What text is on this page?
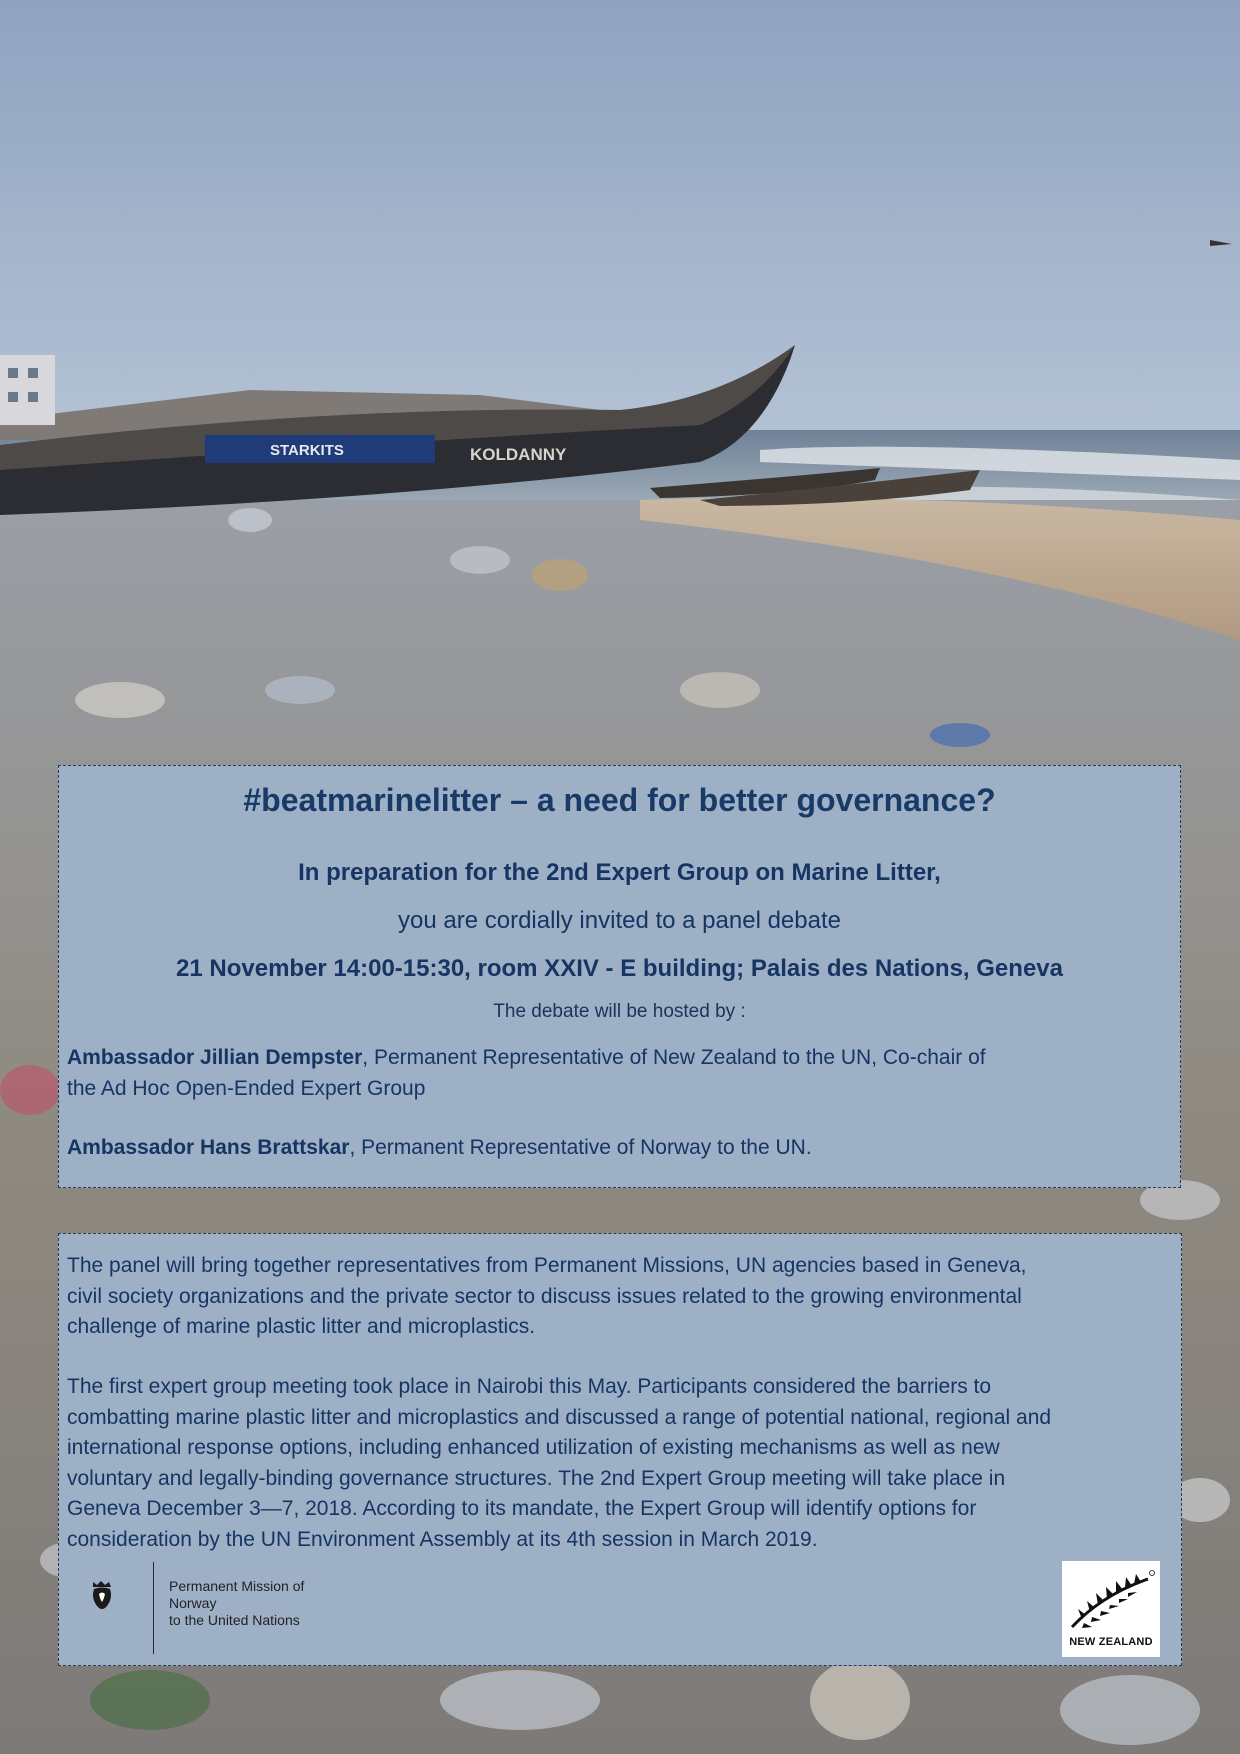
STARKITS	KOLDANNY

#beatmarinelitter – a need for better governance?

In preparation for the 2nd Expert Group on Marine Litter,

you are cordially invited to a panel debate

21 November 14:00-15:30, room XXIV - E building; Palais des Nations, Geneva

The debate will be hosted by :

Ambassador Jillian Dempster, Permanent Representative of New Zealand to the UN, Co-chair of
the Ad Hoc Open-Ended Expert Group

Ambassador Hans Brattskar, Permanent Representative of Norway to the UN.

The panel will bring together representatives from Permanent Missions, UN agencies based in Geneva,
civil society organizations and the private sector to discuss issues related to the growing environmental
challenge of marine plastic litter and microplastics.

The first expert group meeting took place in Nairobi this May. Participants considered the barriers to
combatting marine plastic litter and microplastics and discussed a range of potential national, regional and
international response options, including enhanced utilization of existing mechanisms as well as new
voluntary and legally-binding governance structures. The 2nd Expert Group meeting will take place in
Geneva December 3—7, 2018. According to its mandate, the Expert Group will identify options for
consideration by the UN Environment Assembly at its 4th session in March 2019.

Permanent Mission of Norway
to the United Nations
NEW ZEALAND
